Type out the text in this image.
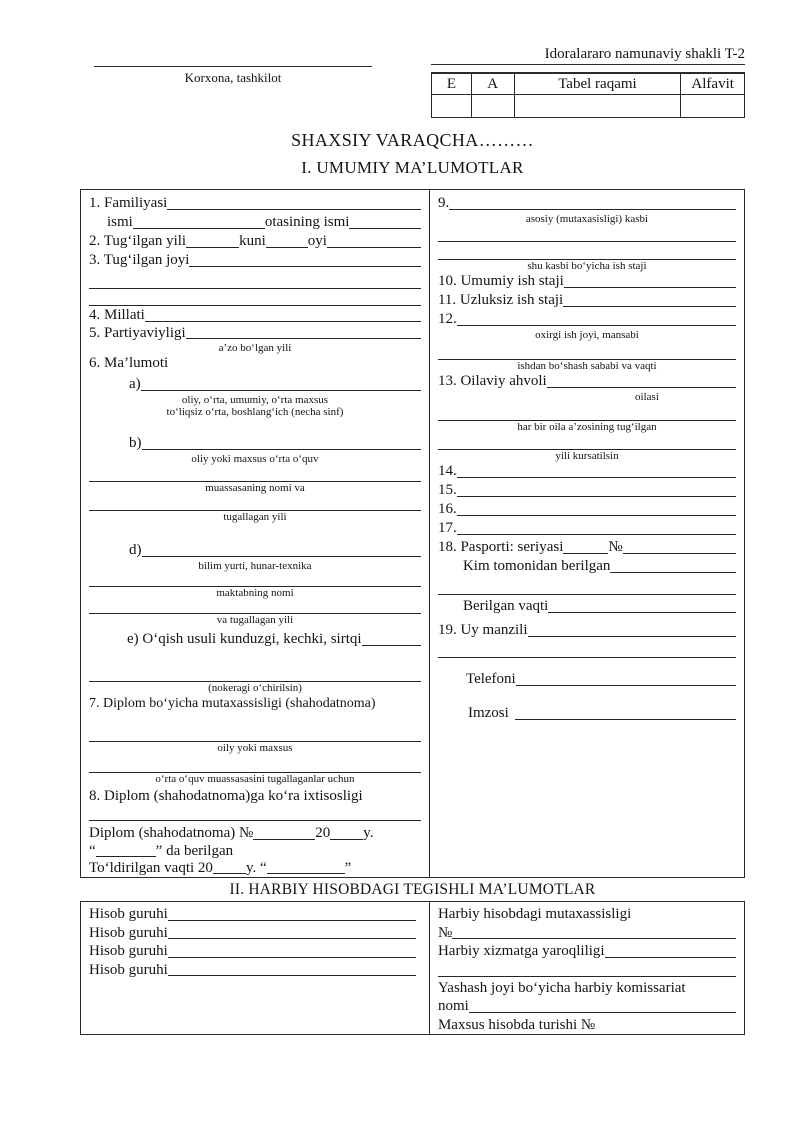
Korxona, tashkilot
Idoralararo namunaviy shakli T-2
E	A	Tabel raqami	Alfavit

SHAXSIY VARAQCHA………
I. UMUMIY MA’LUMOTLAR
1. Familiyasi
ismi	otasining ismi
2. Tug‘ilgan yili	kuni	oyi
3. Tug‘ilgan joyi
4. Millati
5. Partiyaviyligi
a’zo bo‘lgan yili
6. Ma’lumoti
a)
oliy, o‘rta, umumiy, o‘rta maxsus
to‘liqsiz o‘rta, boshlang‘ich (necha sinf)
b)
oliy yoki maxsus o‘rta o‘quv
muassasaning nomi va
tugallagan yili
d)
bilim yurti, hunar-texnika
maktabning nomi
va tugallagan yili
e) O‘qish usuli kunduzgi, kechki, sirtqi
(nokeragi o‘chirilsin)
7. Diplom bo‘yicha mutaxassisligi (shahodatnoma)
oily yoki maxsus
o‘rta o‘quv muassasasini tugallaganlar uchun
8. Diplom (shahodatnoma)ga ko‘ra ixtisosligi
Diplom (shahodatnoma) №	20 y.
“	” da berilgan
To‘ldirilgan vaqti 20 y. “	”
9.
asosiy (mutaxasisligi) kasbi
shu kasbi bo‘yicha ish staji
10. Umumiy ish staji
11. Uzluksiz ish staji
12.
oxirgi ish joyi, mansabi
ishdan bo‘shash sababi va vaqti
13. Oilaviy ahvoli
oilasi
har bir oila a’zosining tug‘ilgan
yili kursatilsin
14.
15.
16.
17.
18. Pasporti: seriyasi	№
Kim tomonidan berilgan
Berilgan vaqti
19. Uy manzili
Telefoni
Imzosi
II. HARBIY HISOBDAGI TEGISHLI MA’LUMOTLAR
Hisob guruhi
Hisob guruhi
Hisob guruhi
Hisob guruhi
Harbiy hisobdagi mutaxassisligi
№
Harbiy xizmatga yaroqliligi
Yashash joyi bo‘yicha harbiy komissariat
nomi
Maxsus hisobda turishi №
